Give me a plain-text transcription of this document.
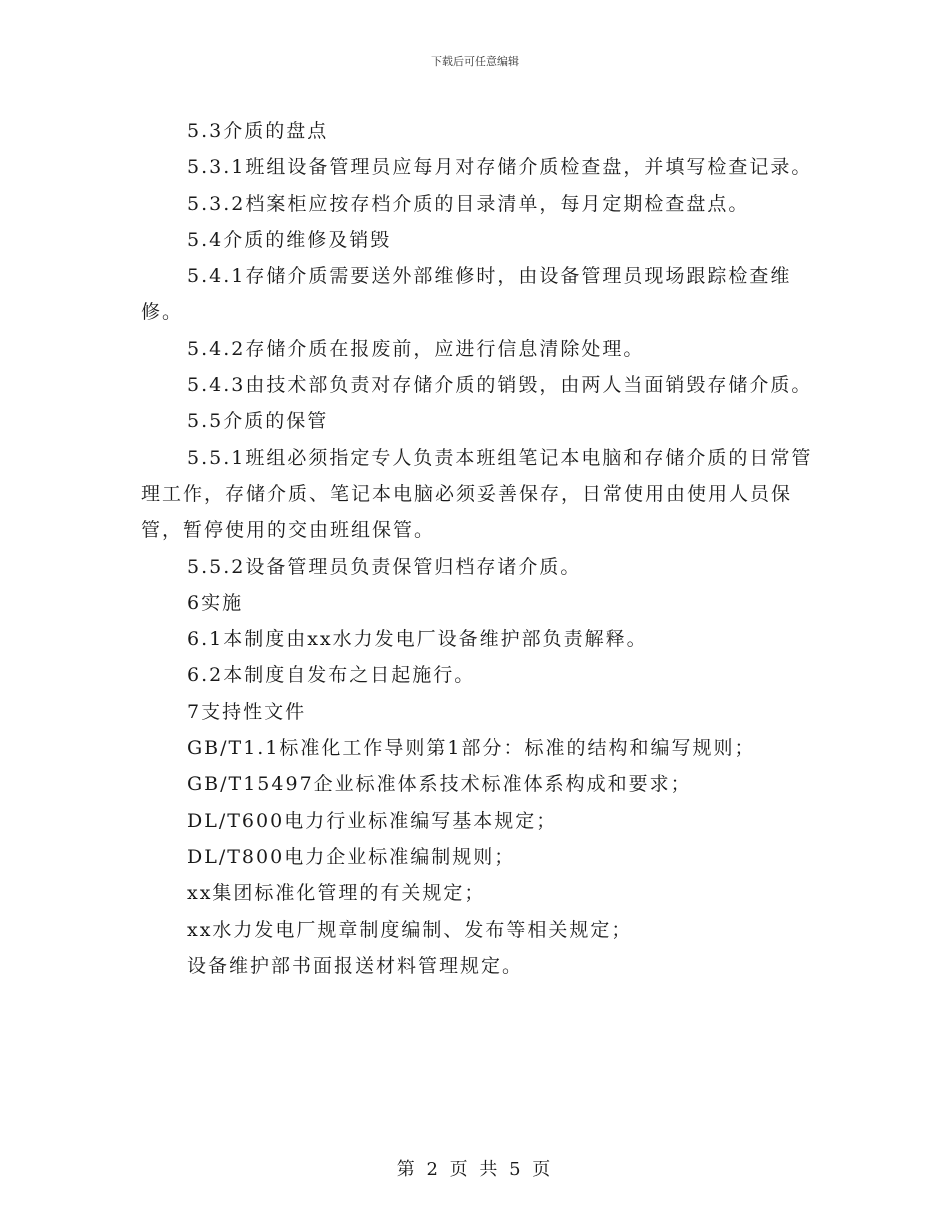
下载后可任意编辑

5.3介质的盘点

5.3.1班组设备管理员应每月对存储介质检查盘，并填写检查记录。

5.3.2档案柜应按存档介质的目录清单，每月定期检查盘点。

5.4介质的维修及销毁

5.4.1存储介质需要送外部维修时，由设备管理员现场跟踪检查维修。

5.4.2存储介质在报废前，应进行信息清除处理。

5.4.3由技术部负责对存储介质的销毁，由两人当面销毁存储介质。

5.5介质的保管

5.5.1班组必须指定专人负责本班组笔记本电脑和存储介质的日常管理工作，存储介质、笔记本电脑必须妥善保存，日常使用由使用人员保管，暂停使用的交由班组保管。

5.5.2设备管理员负责保管归档存诸介质。

6实施

6.1本制度由xx水力发电厂设备维护部负责解释。

6.2本制度自发布之日起施行。

7支持性文件

GB/T1.1标准化工作导则第1部分：标准的结构和编写规则；

GB/T15497企业标准体系技术标准体系构成和要求；

DL/T600电力行业标准编写基本规定；

DL/T800电力企业标准编制规则；

xx集团标准化管理的有关规定；

xx水力发电厂规章制度编制、发布等相关规定；

设备维护部书面报送材料管理规定。

第 2 页 共 5 页
